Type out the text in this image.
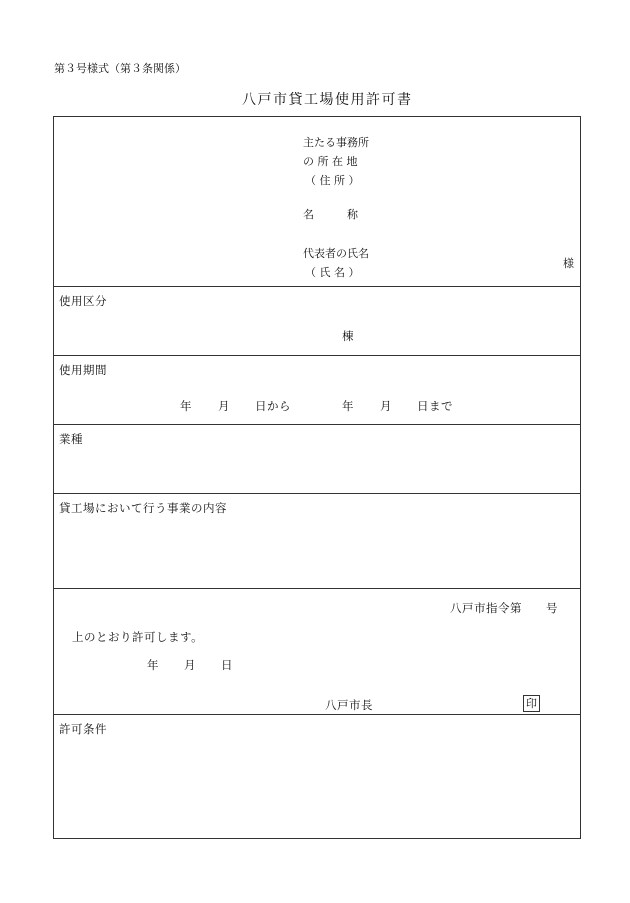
第３号様式（第３条関係）
八戸市貸工場使用許可書
主たる事務所
の 所 在 地
（ 住 所 ）
名　　　称
代表者の氏名
（ 氏 名 ）
様
使用区分
棟
使用期間
年 月 日から	年 月 日まで
業種
貸工場において行う事業の内容
八戸市指令第　　号
上のとおり許可します。
年 月 日
八戸市長	印
許可条件
